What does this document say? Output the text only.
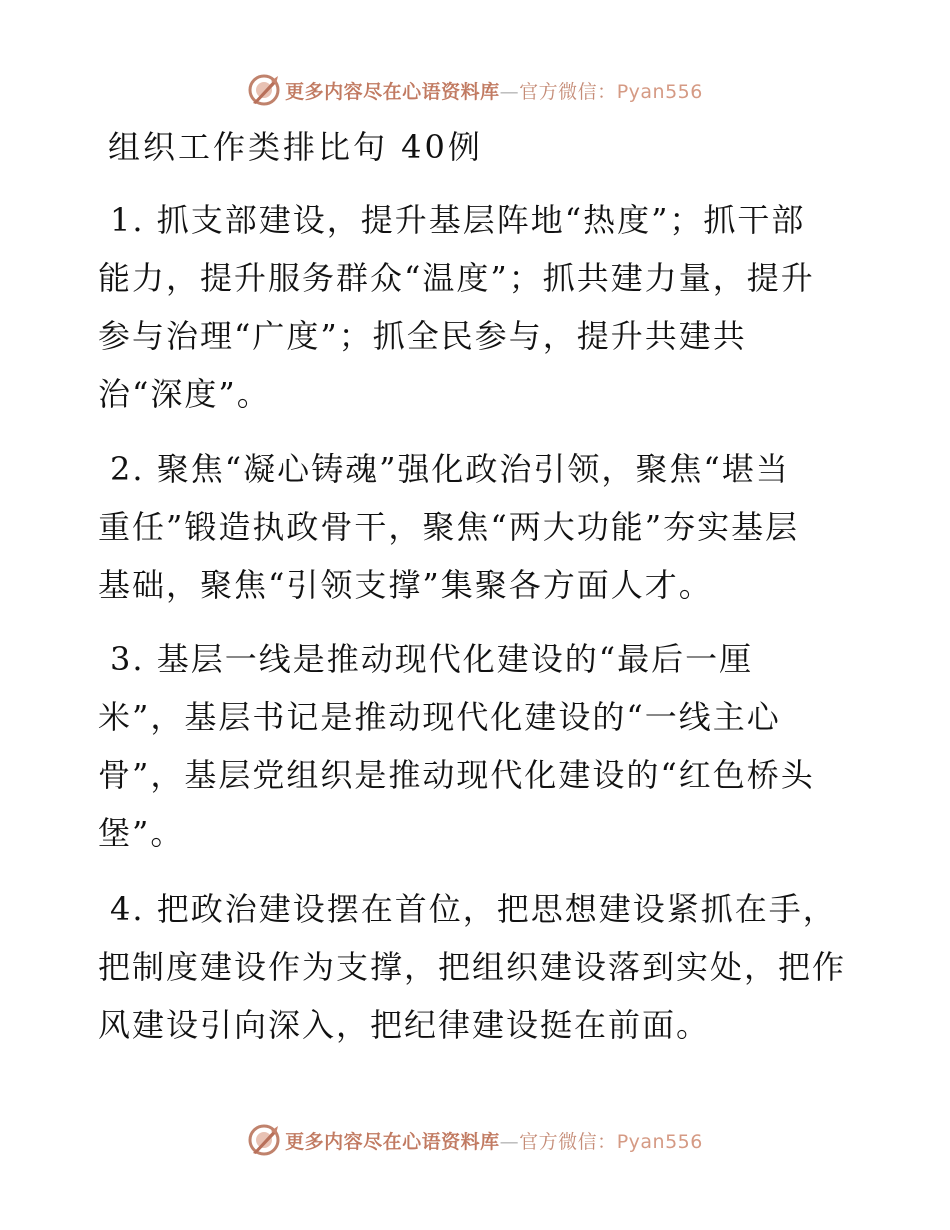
更多内容尽在心语资料库—官方微信：Pyan556
组织工作类排比句 40例
1. 抓支部建设，提升基层阵地“热度”；抓干部
能力，提升服务群众“温度”；抓共建力量，提升
参与治理“广度”；抓全民参与，提升共建共
治“深度”。
2. 聚焦“凝心铸魂”强化政治引领，聚焦“堪当
重任”锻造执政骨干，聚焦“两大功能”夯实基层
基础，聚焦“引领支撑”集聚各方面人才。
3. 基层一线是推动现代化建设的“最后一厘
米”，基层书记是推动现代化建设的“一线主心
骨”，基层党组织是推动现代化建设的“红色桥头
堡”。
4. 把政治建设摆在首位，把思想建设紧抓在手，
把制度建设作为支撑，把组织建设落到实处，把作
风建设引向深入，把纪律建设挺在前面。
更多内容尽在心语资料库—官方微信：Pyan556
